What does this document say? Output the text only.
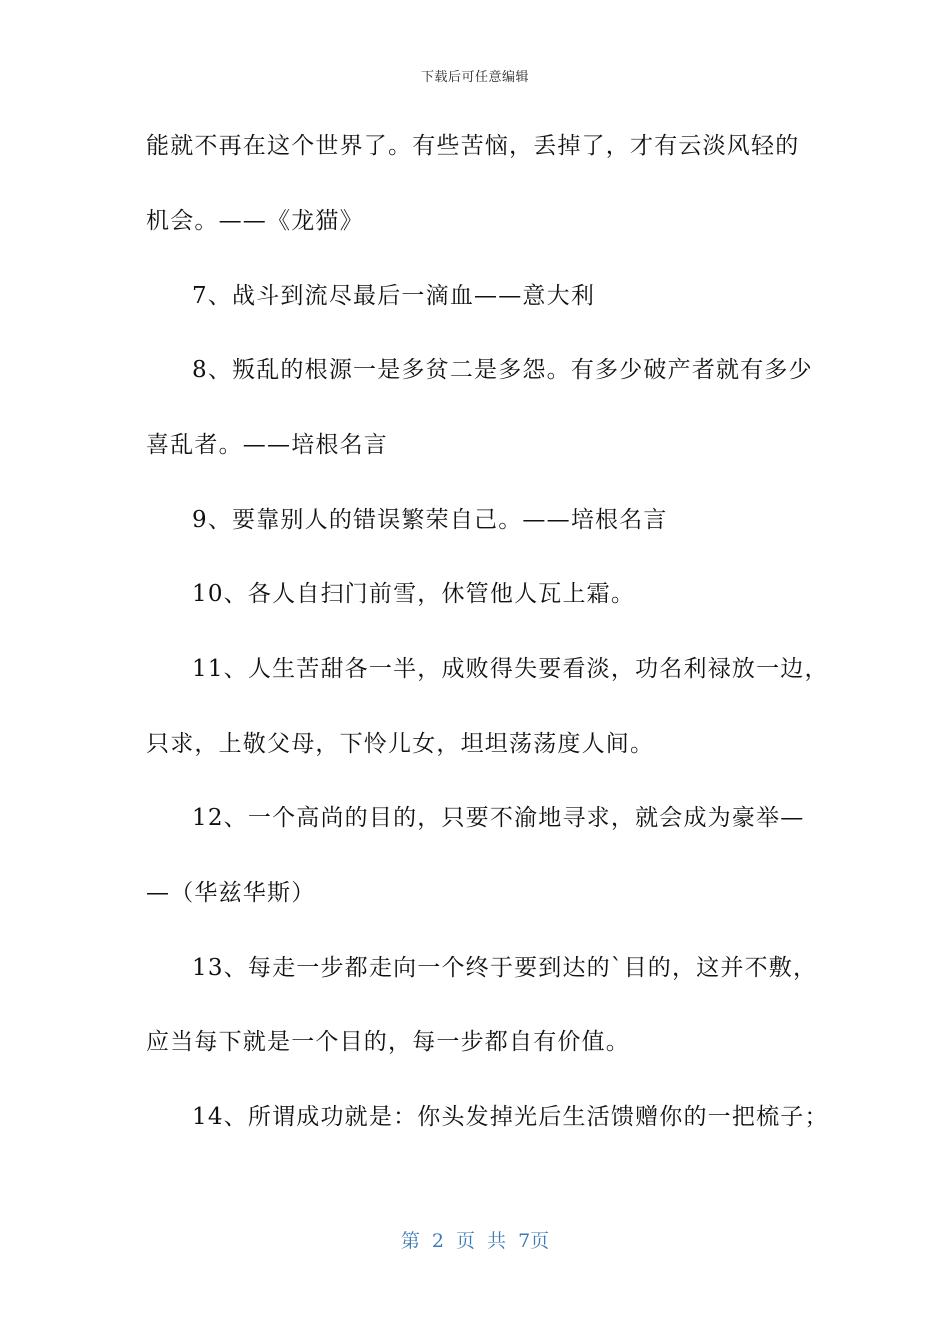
下载后可任意编辑
能就不再在这个世界了。有些苦恼，丢掉了，才有云淡风轻的
机会。——《龙猫》
7、战斗到流尽最后一滴血——意大利
8、叛乱的根源一是多贫二是多怨。有多少破产者就有多少
喜乱者。——培根名言
9、要靠别人的错误繁荣自己。——培根名言
10、各人自扫门前雪，休管他人瓦上霜。
11、人生苦甜各一半，成败得失要看淡，功名利禄放一边，
只求，上敬父母，下怜儿女，坦坦荡荡度人间。
12、一个高尚的目的，只要不渝地寻求，就会成为豪举—
—（华兹华斯）
13、每走一步都走向一个终于要到达的`目的，这并不敷，
应当每下就是一个目的，每一步都自有价值。
14、所谓成功就是：你头发掉光后生活馈赠你的一把梳子；
第 2 页 共 7页
